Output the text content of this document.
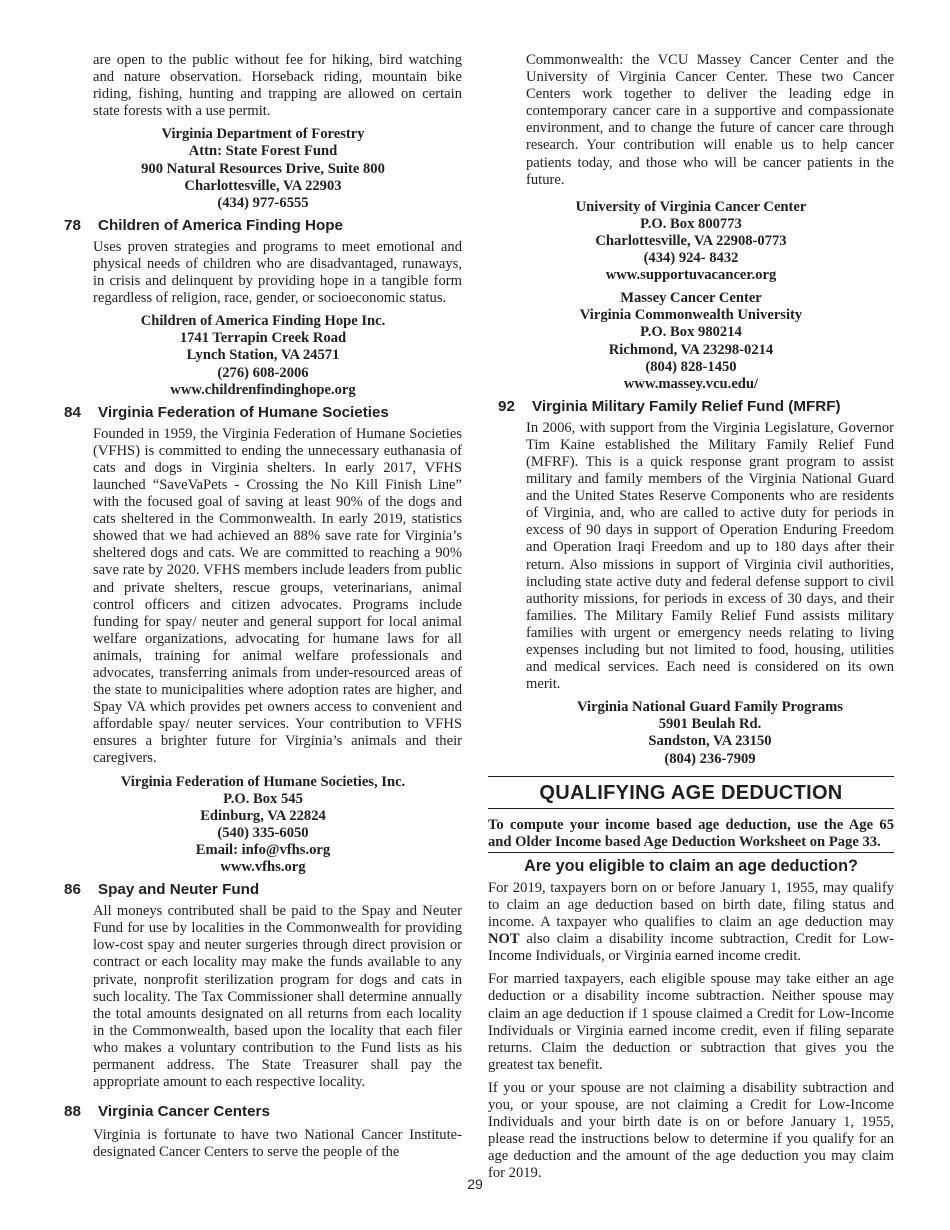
are open to the public without fee for hiking, bird watching and nature observation. Horseback riding, mountain bike riding, fishing, hunting and trapping are allowed on certain state forests with a use permit.

Virginia Department of Forestry
Attn: State Forest Fund
900 Natural Resources Drive, Suite 800
Charlottesville, VA 22903
(434) 977-6555
78 Children of America Finding Hope

Uses proven strategies and programs to meet emotional and physical needs of children who are disadvantaged, runaways, in crisis and delinquent by providing hope in a tangible form regardless of religion, race, gender, or socioeconomic status.

Children of America Finding Hope Inc.
1741 Terrapin Creek Road
Lynch Station, VA 24571
(276) 608-2006
www.childrenfindinghope.org
84 Virginia Federation of Humane Societies

Founded in 1959, the Virginia Federation of Humane Societies (VFHS) is committed to ending the unnecessary euthanasia of cats and dogs in Virginia shelters. In early 2017, VFHS launched “SaveVaPets - Crossing the No Kill Finish Line” with the focused goal of saving at least 90% of the dogs and cats sheltered in the Commonwealth. In early 2019, statistics showed that we had achieved an 88% save rate for Virginia’s sheltered dogs and cats. We are committed to reaching a 90% save rate by 2020. VFHS members include leaders from public and private shelters, rescue groups, veterinarians, animal control officers and citizen advocates. Programs include funding for spay/ neuter and general support for local animal welfare organizations, advocating for humane laws for all animals, training for animal welfare professionals and advocates, transferring animals from under-resourced areas of the state to municipalities where adoption rates are higher, and Spay VA which provides pet owners access to convenient and affordable spay/ neuter services. Your contribution to VFHS ensures a brighter future for Virginia’s animals and their caregivers.

Virginia Federation of Humane Societies, Inc.
P.O. Box 545
Edinburg, VA 22824
(540) 335-6050
Email: info@vfhs.org
www.vfhs.org
86 Spay and Neuter Fund

All moneys contributed shall be paid to the Spay and Neuter Fund for use by localities in the Commonwealth for providing low-cost spay and neuter surgeries through direct provision or contract or each locality may make the funds available to any private, nonprofit sterilization program for dogs and cats in such locality. The Tax Commissioner shall determine annually the total amounts designated on all returns from each locality in the Commonwealth, based upon the locality that each filer who makes a voluntary contribution to the Fund lists as his permanent address. The State Treasurer shall pay the appropriate amount to each respective locality.

88 Virginia Cancer Centers

Virginia is fortunate to have two National Cancer Institute-designated Cancer Centers to serve the people of the

Commonwealth: the VCU Massey Cancer Center and the University of Virginia Cancer Center. These two Cancer Centers work together to deliver the leading edge in contemporary cancer care in a supportive and compassionate environment, and to change the future of cancer care through research. Your contribution will enable us to help cancer patients today, and those who will be cancer patients in the future.

University of Virginia Cancer Center
P.O. Box 800773
Charlottesville, VA 22908-0773
(434) 924- 8432
www.supportuvacancer.org
Massey Cancer Center
Virginia Commonwealth University
P.O. Box 980214
Richmond, VA 23298-0214
(804) 828-1450
www.massey.vcu.edu/
92 Virginia Military Family Relief Fund (MFRF)

In 2006, with support from the Virginia Legislature, Governor Tim Kaine established the Military Family Relief Fund (MFRF). This is a quick response grant program to assist military and family members of the Virginia National Guard and the United States Reserve Components who are residents of Virginia, and, who are called to active duty for periods in excess of 90 days in support of Operation Enduring Freedom and Operation Iraqi Freedom and up to 180 days after their return. Also missions in support of Virginia civil authorities, including state active duty and federal defense support to civil authority missions, for periods in excess of 30 days, and their families. The Military Family Relief Fund assists military families with urgent or emergency needs relating to living expenses including but not limited to food, housing, utilities and medical services. Each need is considered on its own merit.

Virginia National Guard Family Programs
5901 Beulah Rd.
Sandston, VA 23150
(804) 236-7909
QUALIFYING AGE DEDUCTION
To compute your income based age deduction, use the Age 65 and Older Income based Age Deduction Worksheet on Page 33.
Are you eligible to claim an age deduction?

For 2019, taxpayers born on or before January 1, 1955, may qualify to claim an age deduction based on birth date, filing status and income. A taxpayer who qualifies to claim an age deduction may NOT also claim a disability income subtraction, Credit for Low-Income Individuals, or Virginia earned income credit.

For married taxpayers, each eligible spouse may take either an age deduction or a disability income subtraction. Neither spouse may claim an age deduction if 1 spouse claimed a Credit for Low-Income Individuals or Virginia earned income credit, even if filing separate returns. Claim the deduction or subtraction that gives you the greatest tax benefit.

If you or your spouse are not claiming a disability subtraction and you, or your spouse, are not claiming a Credit for Low-Income Individuals and your birth date is on or before January 1, 1955, please read the instructions below to determine if you qualify for an age deduction and the amount of the age deduction you may claim for 2019.

29
